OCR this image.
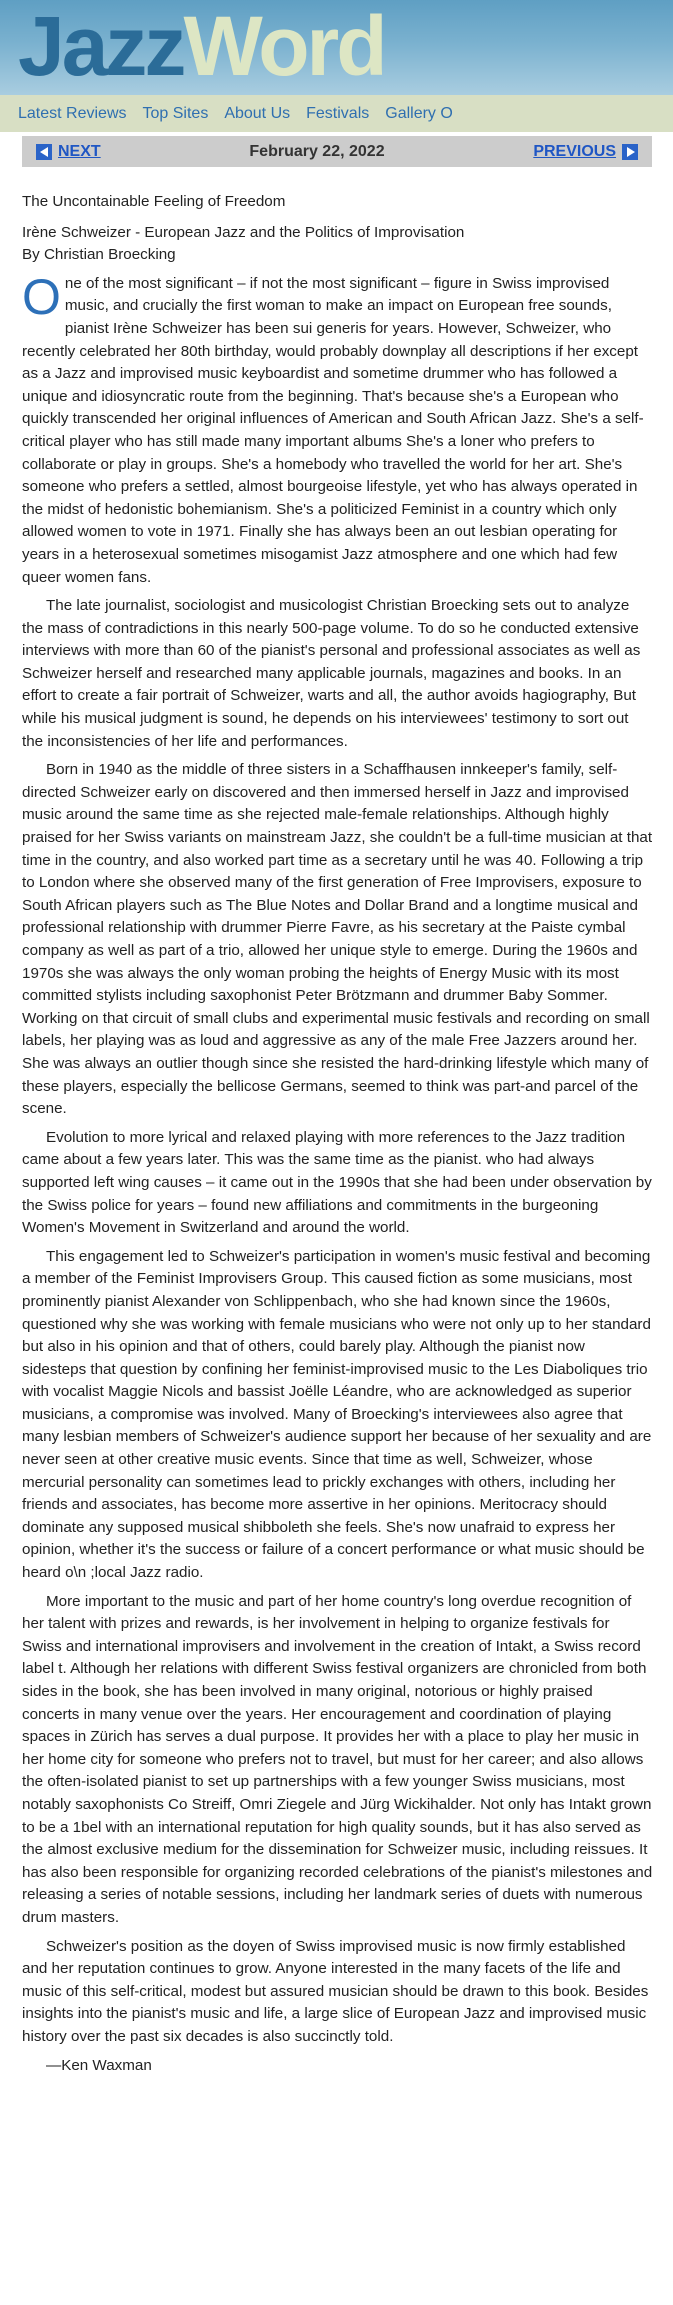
JazzWord
Latest Reviews Top Sites About Us Festivals Gallery O
NEXT	February 22, 2022	PREVIOUS

The Uncontainable Feeling of Freedom

Irène Schweizer - European Jazz and the Politics of Improvisation

By Christian Broecking

One of the most significant – if not the most significant – figure in Swiss improvised music, and crucially the first woman to make an impact on European free sounds, pianist Irène Schweizer has been sui generis for years. However, Schweizer, who recently celebrated her 80th birthday, would probably downplay all descriptions if her except as a Jazz and improvised music keyboardist and sometime drummer who has followed a unique and idiosyncratic route from the beginning. That's because she's a European who quickly transcended her original influences of American and South African Jazz. She's a self-critical player who has still made many important albums She's a loner who prefers to collaborate or play in groups. She's a homebody who travelled the world for her art. She's someone who prefers a settled, almost bourgeoise lifestyle, yet who has always operated in the midst of hedonistic bohemianism. She's a politicized Feminist in a country which only allowed women to vote in 1971. Finally she has always been an out lesbian operating for years in a heterosexual sometimes misogamist Jazz atmosphere and one which had few queer women fans.

The late journalist, sociologist and musicologist Christian Broecking sets out to analyze the mass of contradictions in this nearly 500-page volume. To do so he conducted extensive interviews with more than 60 of the pianist's personal and professional associates as well as Schweizer herself and researched many applicable journals, magazines and books. In an effort to create a fair portrait of Schweizer, warts and all, the author avoids hagiography, But while his musical judgment is sound, he depends on his interviewees' testimony to sort out the inconsistencies of her life and performances.

Born in 1940 as the middle of three sisters in a Schaffhausen innkeeper's family, self-directed Schweizer early on discovered and then immersed herself in Jazz and improvised music around the same time as she rejected male-female relationships. Although highly praised for her Swiss variants on mainstream Jazz, she couldn't be a full-time musician at that time in the country, and also worked part time as a secretary until he was 40. Following a trip to London where she observed many of the first generation of Free Improvisers, exposure to South African players such as The Blue Notes and Dollar Brand and a longtime musical and professional relationship with drummer Pierre Favre, as his secretary at the Paiste cymbal company as well as part of a trio, allowed her unique style to emerge. During the 1960s and 1970s she was always the only woman probing the heights of Energy Music with its most committed stylists including saxophonist Peter Brötzmann and drummer Baby Sommer. Working on that circuit of small clubs and experimental music festivals and recording on small labels, her playing was as loud and aggressive as any of the male Free Jazzers around her. She was always an outlier though since she resisted the hard-drinking lifestyle which many of these players, especially the bellicose Germans, seemed to think was part-and parcel of the scene.

Evolution to more lyrical and relaxed playing with more references to the Jazz tradition came about a few years later. This was the same time as the pianist. who had always supported left wing causes – it came out in the 1990s that she had been under observation by the Swiss police for years – found new affiliations and commitments in the burgeoning Women's Movement in Switzerland and around the world.

This engagement led to Schweizer's participation in women's music festival and becoming a member of the Feminist Improvisers Group. This caused fiction as some musicians, most prominently pianist Alexander von Schlippenbach, who she had known since the 1960s, questioned why she was working with female musicians who were not only up to her standard but also in his opinion and that of others, could barely play. Although the pianist now sidesteps that question by confining her feminist-improvised music to the Les Diaboliques trio with vocalist Maggie Nicols and bassist Joëlle Léandre, who are acknowledged as superior musicians, a compromise was involved. Many of Broecking's interviewees also agree that many lesbian members of Schweizer's audience support her because of her sexuality and are never seen at other creative music events. Since that time as well, Schweizer, whose mercurial personality can sometimes lead to prickly exchanges with others, including her friends and associates, has become more assertive in her opinions. Meritocracy should dominate any supposed musical shibboleth she feels. She's now unafraid to express her opinion, whether it's the success or failure of a concert performance or what music should be heard o\n ;local Jazz radio.

More important to the music and part of her home country's long overdue recognition of her talent with prizes and rewards, is her involvement in helping to organize festivals for Swiss and international improvisers and involvement in the creation of Intakt, a Swiss record label t. Although her relations with different Swiss festival organizers are chronicled from both sides in the book, she has been involved in many original, notorious or highly praised concerts in many venue over the years. Her encouragement and coordination of playing spaces in Zürich has serves a dual purpose. It provides her with a place to play her music in her home city for someone who prefers not to travel, but must for her career; and also allows the often-isolated pianist to set up partnerships with a few younger Swiss musicians, most notably saxophonists Co Streiff, Omri Ziegele and Jürg Wickihalder. Not only has Intakt grown to be a 1bel with an international reputation for high quality sounds, but it has also served as the almost exclusive medium for the dissemination for Schweizer music, including reissues. It has also been responsible for organizing recorded celebrations of the pianist's milestones and releasing a series of notable sessions, including her landmark series of duets with numerous drum masters.

Schweizer's position as the doyen of Swiss improvised music is now firmly established and her reputation continues to grow. Anyone interested in the many facets of the life and music of this self-critical, modest but assured musician should be drawn to this book. Besides insights into the pianist's music and life, a large slice of European Jazz and improvised music history over the past six decades is also succinctly told.

—Ken Waxman
